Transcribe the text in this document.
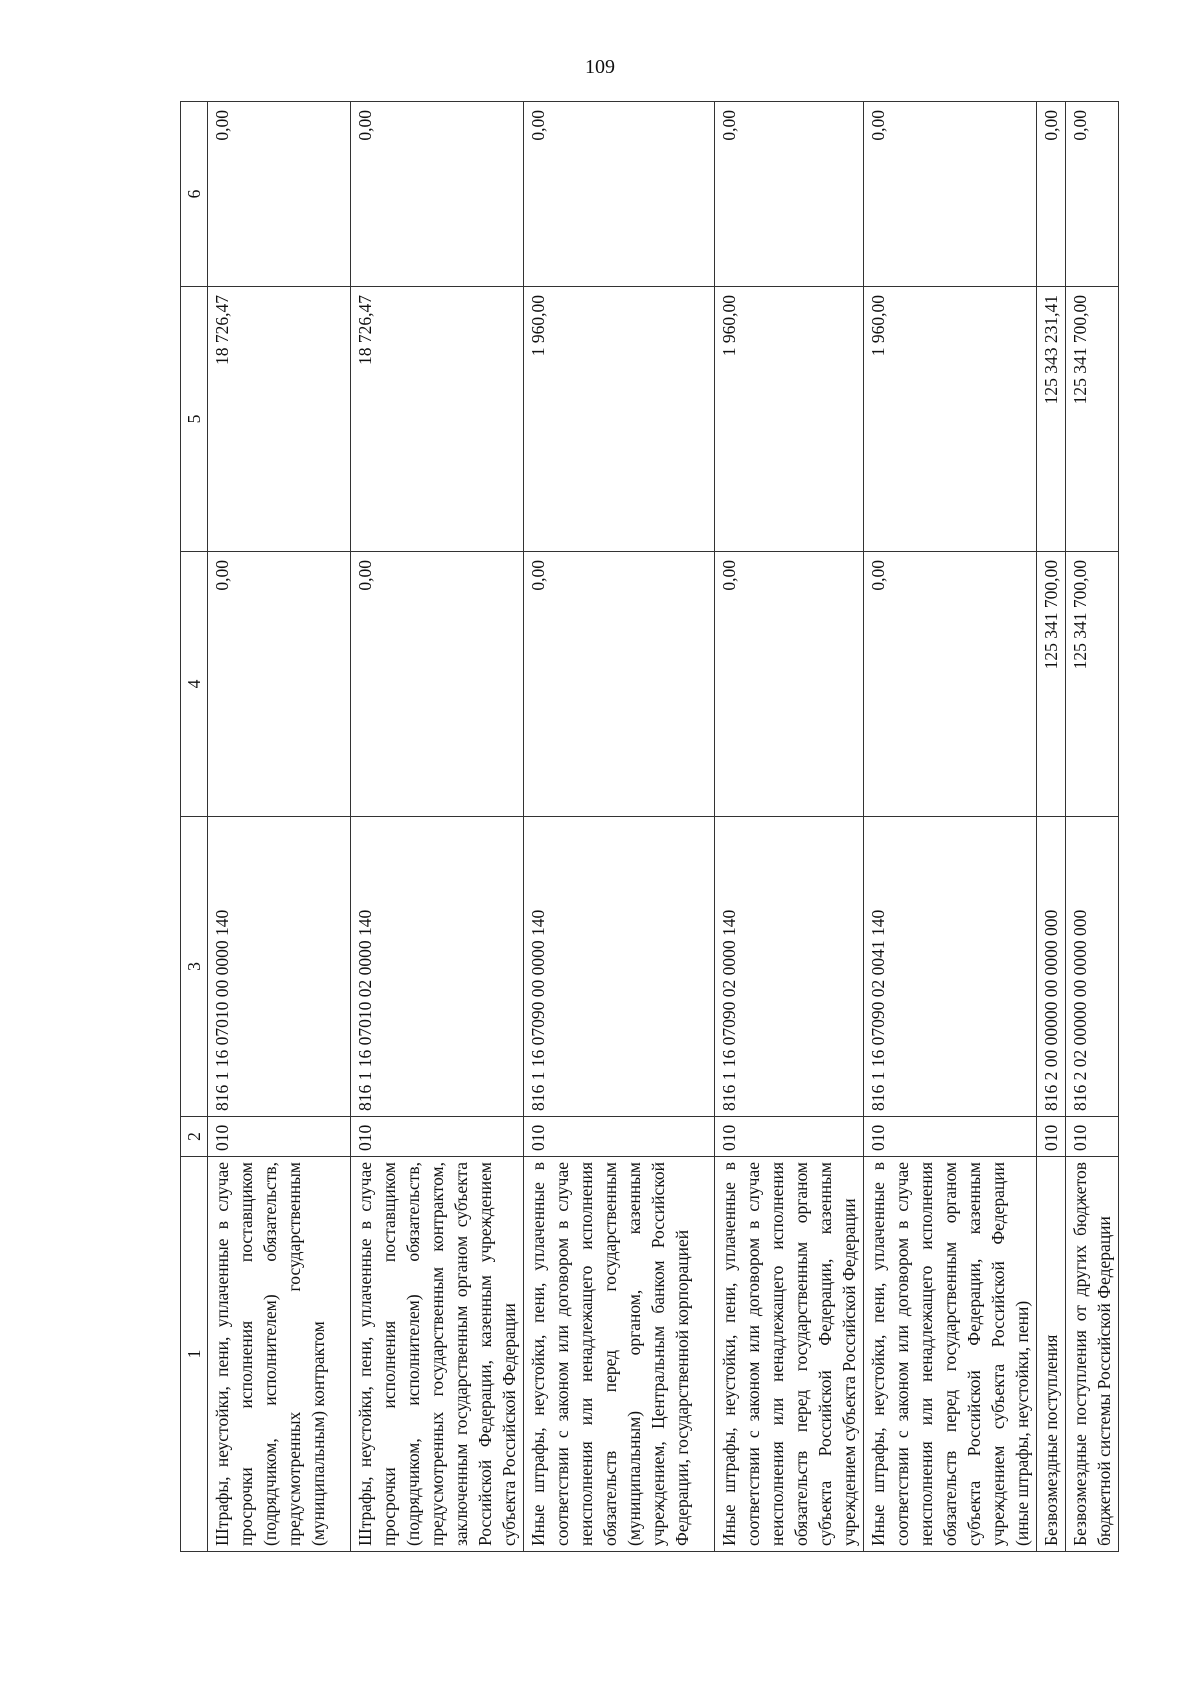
109
1	2	3	4	5	6
Штрафы, неустойки, пени, уплаченные в случае просрочки исполнения поставщиком (подрядчиком, исполнителем) обязательств, предусмотренных государственным (муниципальным) контрактом	010	816 1 16 07010 00 0000 140	0,00	18 726,47	0,00
Штрафы, неустойки, пени, уплаченные в случае просрочки исполнения поставщиком (подрядчиком, исполнителем) обязательств, предусмотренных государственным контрактом, заключенным государственным органом субъекта Российской Федерации, казенным учреждением субъекта Российской Федерации	010	816 1 16 07010 02 0000 140	0,00	18 726,47	0,00
Иные штрафы, неустойки, пени, уплаченные в соответствии с законом или договором в случае неисполнения или ненадлежащего исполнения обязательств перед государственным (муниципальным) органом, казенным учреждением, Центральным банком Российской Федерации, государственной корпорацией	010	816 1 16 07090 00 0000 140	0,00	1 960,00	0,00
Иные штрафы, неустойки, пени, уплаченные в соответствии с законом или договором в случае неисполнения или ненадлежащего исполнения обязательств перед государственным органом субъекта Российской Федерации, казенным учреждением субъекта Российской Федерации	010	816 1 16 07090 02 0000 140	0,00	1 960,00	0,00
Иные штрафы, неустойки, пени, уплаченные в соответствии с законом или договором в случае неисполнения или ненадлежащего исполнения обязательств перед государственным органом субъекта Российской Федерации, казенным учреждением субъекта Российской Федерации (иные штрафы, неустойки, пени)	010	816 1 16 07090 02 0041 140	0,00	1 960,00	0,00
Безвозмездные поступления	010	816 2 00 00000 00 0000 000	125 341 700,00	125 343 231,41	0,00
Безвозмездные поступления от других бюджетов бюджетной системы Российской Федерации	010	816 2 02 00000 00 0000 000	125 341 700,00	125 341 700,00	0,00
